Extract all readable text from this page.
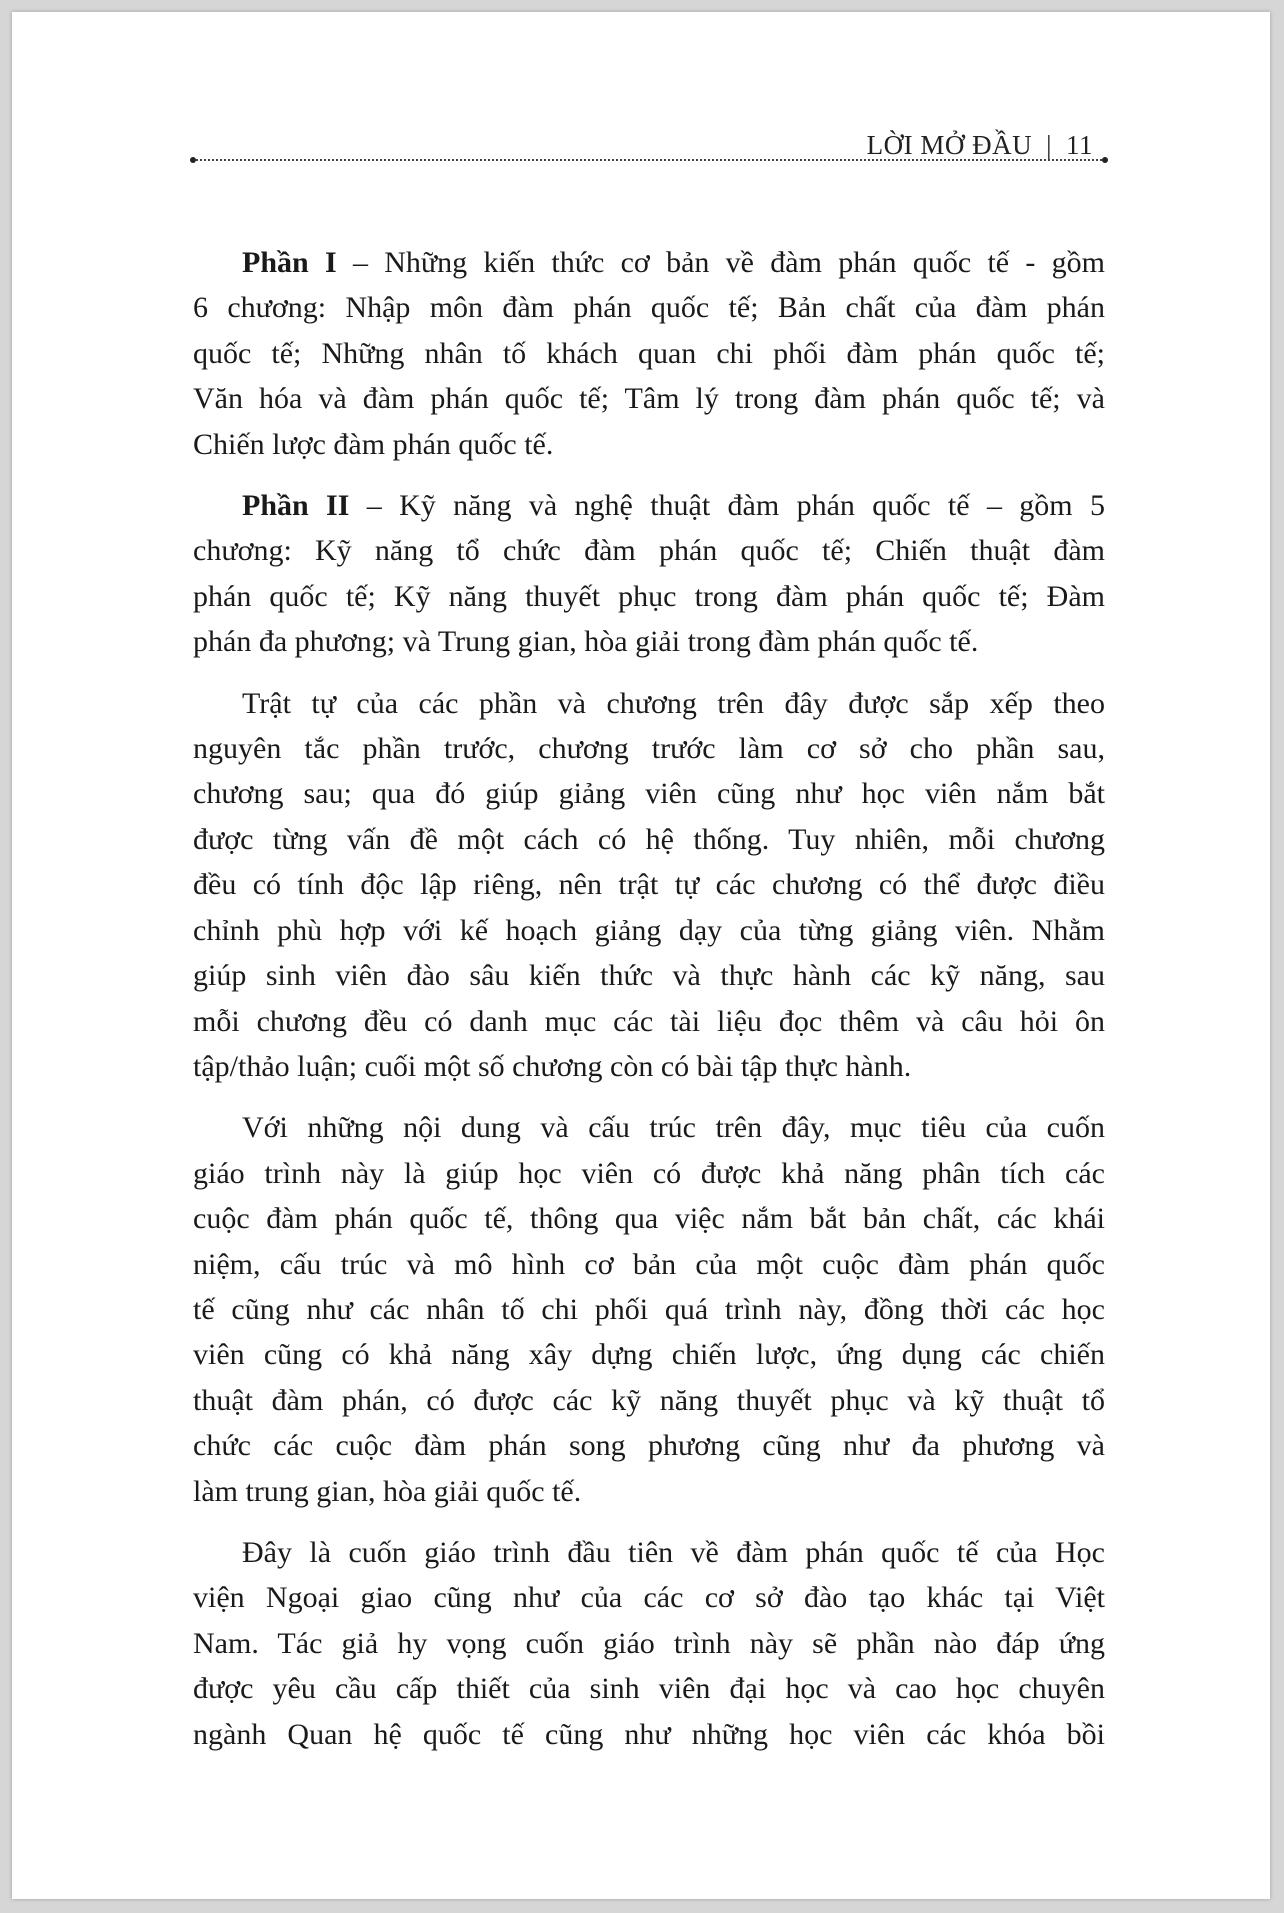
LỜI MỞ ĐẦU | 11
Phần I – Những kiến thức cơ bản về đàm phán quốc tế - gồm
6 chương: Nhập môn đàm phán quốc tế; Bản chất của đàm phán
quốc tế; Những nhân tố khách quan chi phối đàm phán quốc tế;
Văn hóa và đàm phán quốc tế; Tâm lý trong đàm phán quốc tế; và
Chiến lược đàm phán quốc tế.
Phần II – Kỹ năng và nghệ thuật đàm phán quốc tế – gồm 5
chương: Kỹ năng tổ chức đàm phán quốc tế; Chiến thuật đàm
phán quốc tế; Kỹ năng thuyết phục trong đàm phán quốc tế; Đàm
phán đa phương; và Trung gian, hòa giải trong đàm phán quốc tế.
Trật tự của các phần và chương trên đây được sắp xếp theo
nguyên tắc phần trước, chương trước làm cơ sở cho phần sau,
chương sau; qua đó giúp giảng viên cũng như học viên nắm bắt
được từng vấn đề một cách có hệ thống. Tuy nhiên, mỗi chương
đều có tính độc lập riêng, nên trật tự các chương có thể được điều
chỉnh phù hợp với kế hoạch giảng dạy của từng giảng viên. Nhằm
giúp sinh viên đào sâu kiến thức và thực hành các kỹ năng, sau
mỗi chương đều có danh mục các tài liệu đọc thêm và câu hỏi ôn
tập/thảo luận; cuối một số chương còn có bài tập thực hành.
Với những nội dung và cấu trúc trên đây, mục tiêu của cuốn
giáo trình này là giúp học viên có được khả năng phân tích các
cuộc đàm phán quốc tế, thông qua việc nắm bắt bản chất, các khái
niệm, cấu trúc và mô hình cơ bản của một cuộc đàm phán quốc
tế cũng như các nhân tố chi phối quá trình này, đồng thời các học
viên cũng có khả năng xây dựng chiến lược, ứng dụng các chiến
thuật đàm phán, có được các kỹ năng thuyết phục và kỹ thuật tổ
chức các cuộc đàm phán song phương cũng như đa phương và
làm trung gian, hòa giải quốc tế.
Đây là cuốn giáo trình đầu tiên về đàm phán quốc tế của Học
viện Ngoại giao cũng như của các cơ sở đào tạo khác tại Việt
Nam. Tác giả hy vọng cuốn giáo trình này sẽ phần nào đáp ứng
được yêu cầu cấp thiết của sinh viên đại học và cao học chuyên
ngành Quan hệ quốc tế cũng như những học viên các khóa bồi
